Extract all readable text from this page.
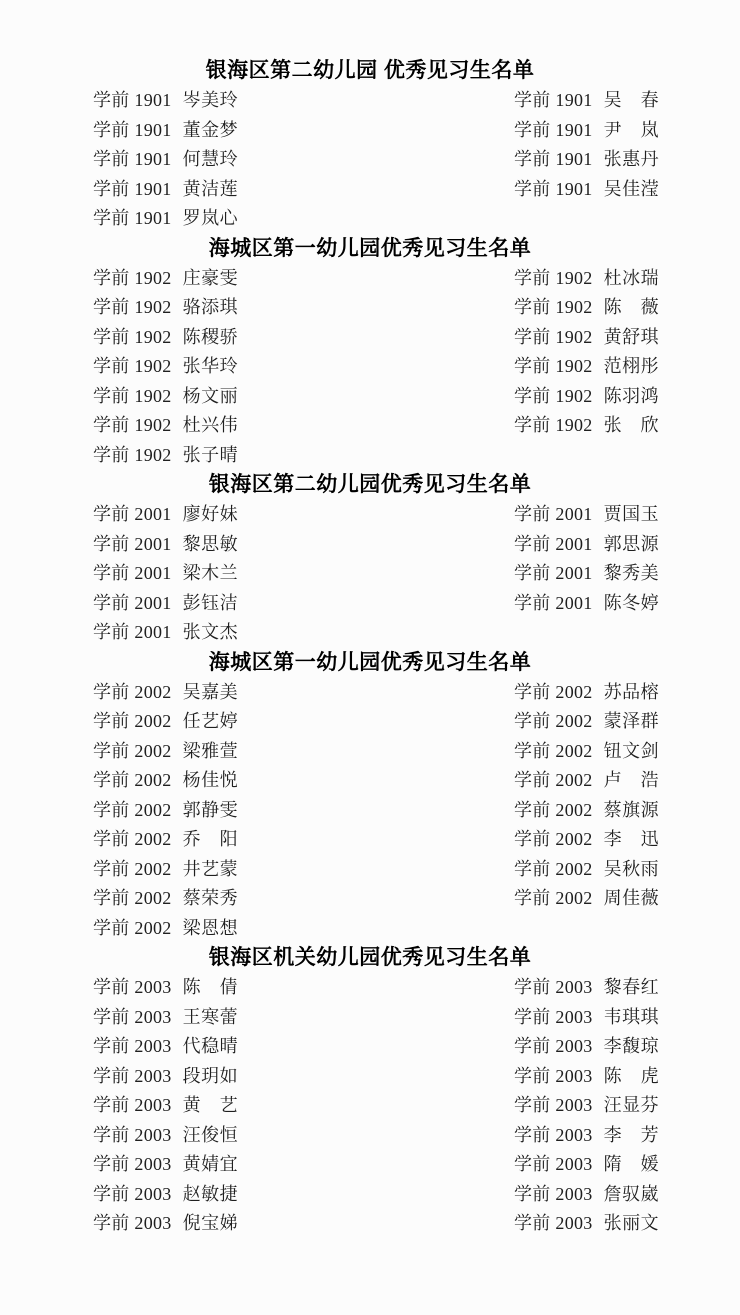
银海区第二幼儿园 优秀见习生名单
学前 1901 岑美玲	学前 1901 吴　春
学前 1901 董金梦	学前 1901 尹　岚
学前 1901 何慧玲	学前 1901 张惠丹
学前 1901 黄洁莲	学前 1901 吴佳滢
学前 1901 罗岚心
海城区第一幼儿园优秀见习生名单
学前 1902 庄豪雯	学前 1902 杜冰瑞
学前 1902 骆添琪	学前 1902 陈　薇
学前 1902 陈稷骄	学前 1902 黄舒琪
学前 1902 张华玲	学前 1902 范栩彤
学前 1902 杨文丽	学前 1902 陈羽鸿
学前 1902 杜兴伟	学前 1902 张　欣
学前 1902 张子晴
银海区第二幼儿园优秀见习生名单
学前 2001 廖好妹	学前 2001 贾国玉
学前 2001 黎思敏	学前 2001 郭思源
学前 2001 梁木兰	学前 2001 黎秀美
学前 2001 彭钰洁	学前 2001 陈冬婷
学前 2001 张文杰
海城区第一幼儿园优秀见习生名单
学前 2002 吴嘉美	学前 2002 苏品榕
学前 2002 任艺婷	学前 2002 蒙泽群
学前 2002 梁雅萱	学前 2002 钮文剑
学前 2002 杨佳悦	学前 2002 卢　浩
学前 2002 郭静雯	学前 2002 蔡旗源
学前 2002 乔　阳	学前 2002 李　迅
学前 2002 井艺蒙	学前 2002 吴秋雨
学前 2002 蔡荣秀	学前 2002 周佳薇
学前 2002 梁恩想
银海区机关幼儿园优秀见习生名单
学前 2003 陈　倩	学前 2003 黎春红
学前 2003 王寒蕾	学前 2003 韦琪琪
学前 2003 代稳晴	学前 2003 李馥琼
学前 2003 段玥如	学前 2003 陈　虎
学前 2003 黄　艺	学前 2003 汪显芬
学前 2003 汪俊恒	学前 2003 李　芳
学前 2003 黄婧宜	学前 2003 隋　媛
学前 2003 赵敏捷	学前 2003 詹驭崴
学前 2003 倪宝娣	学前 2003 张丽文
